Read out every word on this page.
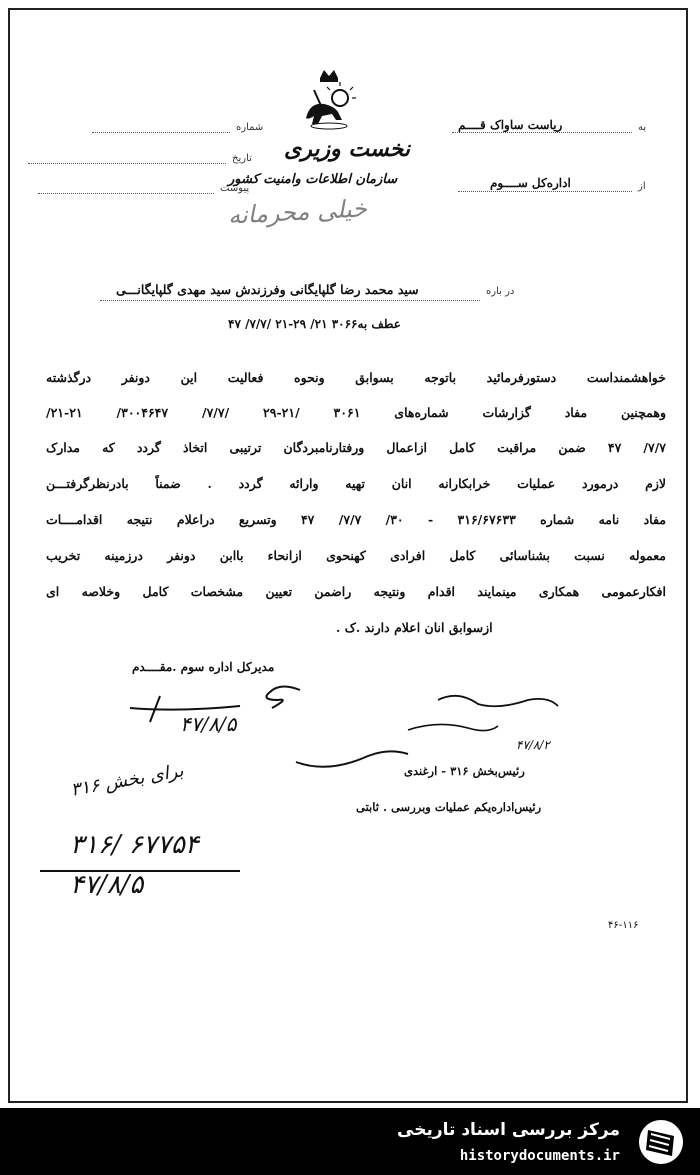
نخست وزیری
سازمان اطلاعات وامنیت کشور
خیلی محرمانه
شماره
تاریخ
پیوست
به
ریاست ساواک قــــم
از
اداره‌کل ســــوم
در باره
سید محمد رضا گلپایگانی وفرزندش سید مهدی گلپایگانـــی
عطف به۳۰۶۶ ۲۱/ ۲۹-۲۱ /۷/۷/ ۴۷
خواهشمنداست دستورفرمائید باتوجه بسوابق ونحوه فعالیت این دونفر درگذشته
وهمچنین مفاد گزارشات شماره‌های ۳۰۶۱ /۲۱-۲۹ /۷/۷/ ۳۰۰۴۶۴۷/ ۲۱-۲۱/
۷/۷/ ۴۷ ضمن مراقبت کامل ازاعمال ورفتارنامبردگان ترتیبی اتخاذ گردد که مدارک
لازم درمورد عملیات خرابکارانه انان تهیه وارائه گردد . ضمناً بادرنظرگرفتـــن
مفاد نامه شماره ۳۱۶/۶۷۶۳۳ - ۳۰/ ۷/۷/ ۴۷ وتسریع دراعلام نتیجه اقدامــــات
معموله نسبت بشناسائی کامل افرادی کهنحوی ازانحاء باابن دونفر درزمینه تخریب
افکارعمومی همکاری مینمایند اقدام ونتیجه راضمن تعیین مشخصات کامل وخلاصه ای
ازسوابق انان اعلام دارند .ک .
مدیرکل اداره سوم .مقــــدم
۴۷/۸/۵
۴۷/۸/۲
رئیس‌بخش ۳۱۶ - ارغندی
رئیس‌اداره‌یکم عملیات وبررسی . ثابتی
برای بخش ۳۱۶
۳۱۶/ ۶۷۷۵۴
۴۷/۸/۵
۴۶-۱۱۶
مرکز بررسی اسناد تاریخی
historydocuments.ir
